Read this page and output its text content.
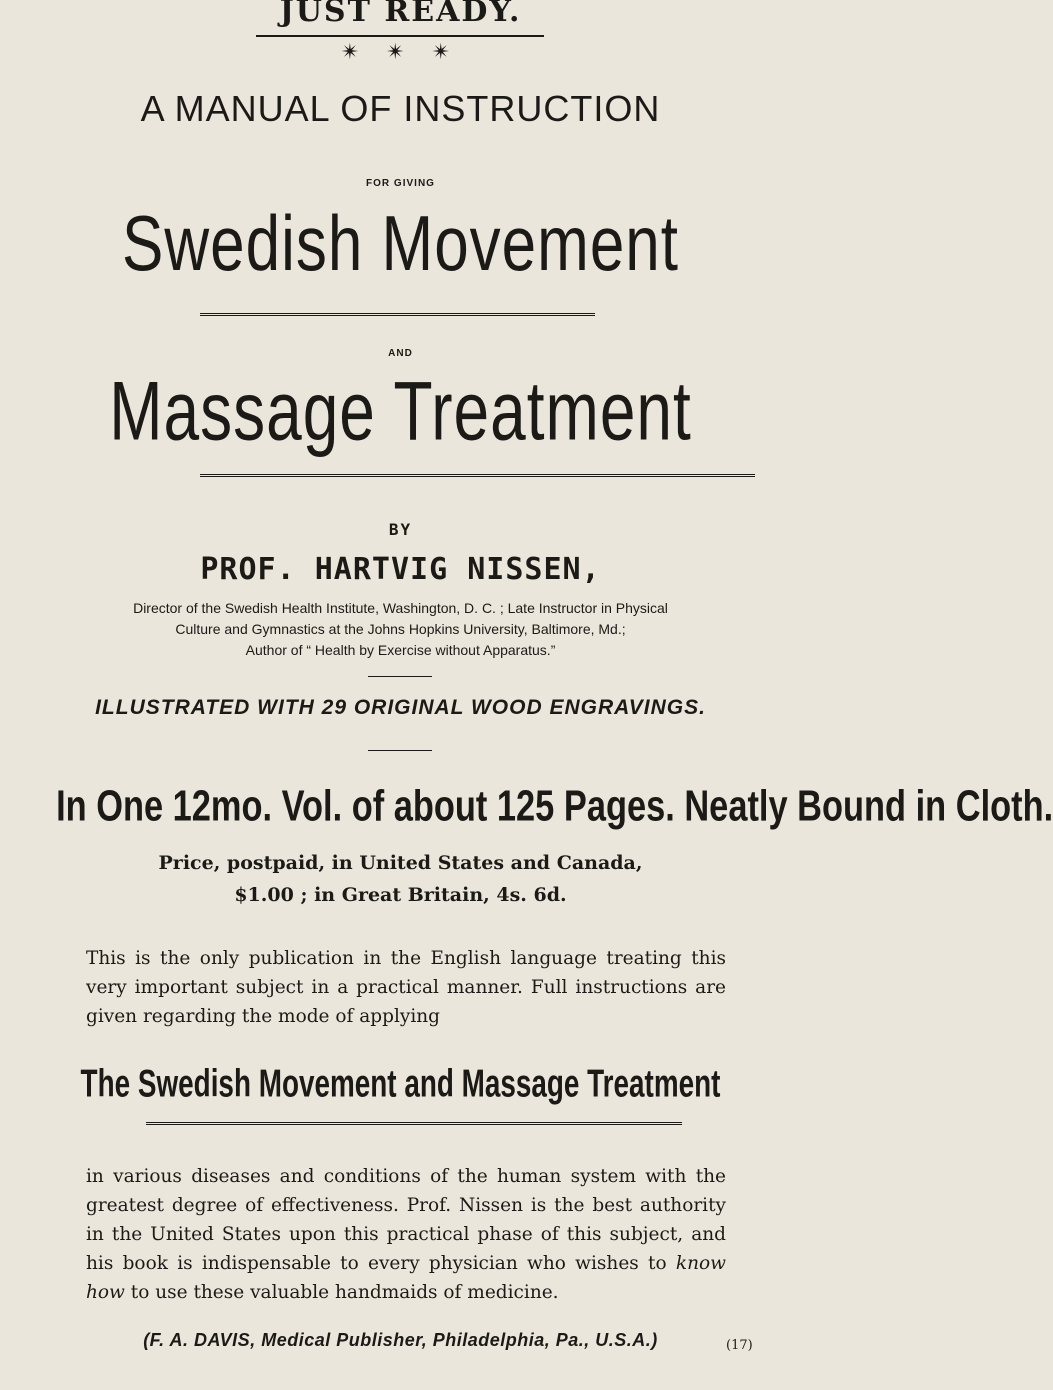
JUST READY.
✴ ✴ ✴
A MANUAL OF INSTRUCTION
FOR GIVING
Swedish Movement
AND
Massage Treatment
BY
PROF. HARTVIG NISSEN,
Director of the Swedish Health Institute, Washington, D. C. ; Late Instructor in Physical
Culture and Gymnastics at the Johns Hopkins University, Baltimore, Md.;
Author of “ Health by Exercise without Apparatus.”
ILLUSTRATED WITH 29 ORIGINAL WOOD ENGRAVINGS.
In One 12mo. Vol. of about 125 Pages. Neatly Bound in Cloth.
Price, postpaid, in United States and Canada,
$1.00 ; in Great Britain, 4s. 6d.
This is the only publication in the English language treating this very important subject in a practical manner. Full instructions are given regarding the mode of applying
The Swedish Movement and Massage Treatment
in various diseases and conditions of the human system with the greatest degree of effectiveness. Prof. Nissen is the best authority in the United States upon this practical phase of this subject, and his book is indispensable to every physician who wishes to know how to use these valuable handmaids of medicine.
(F. A. DAVIS, Medical Publisher, Philadelphia, Pa., U.S.A.)	(17)
